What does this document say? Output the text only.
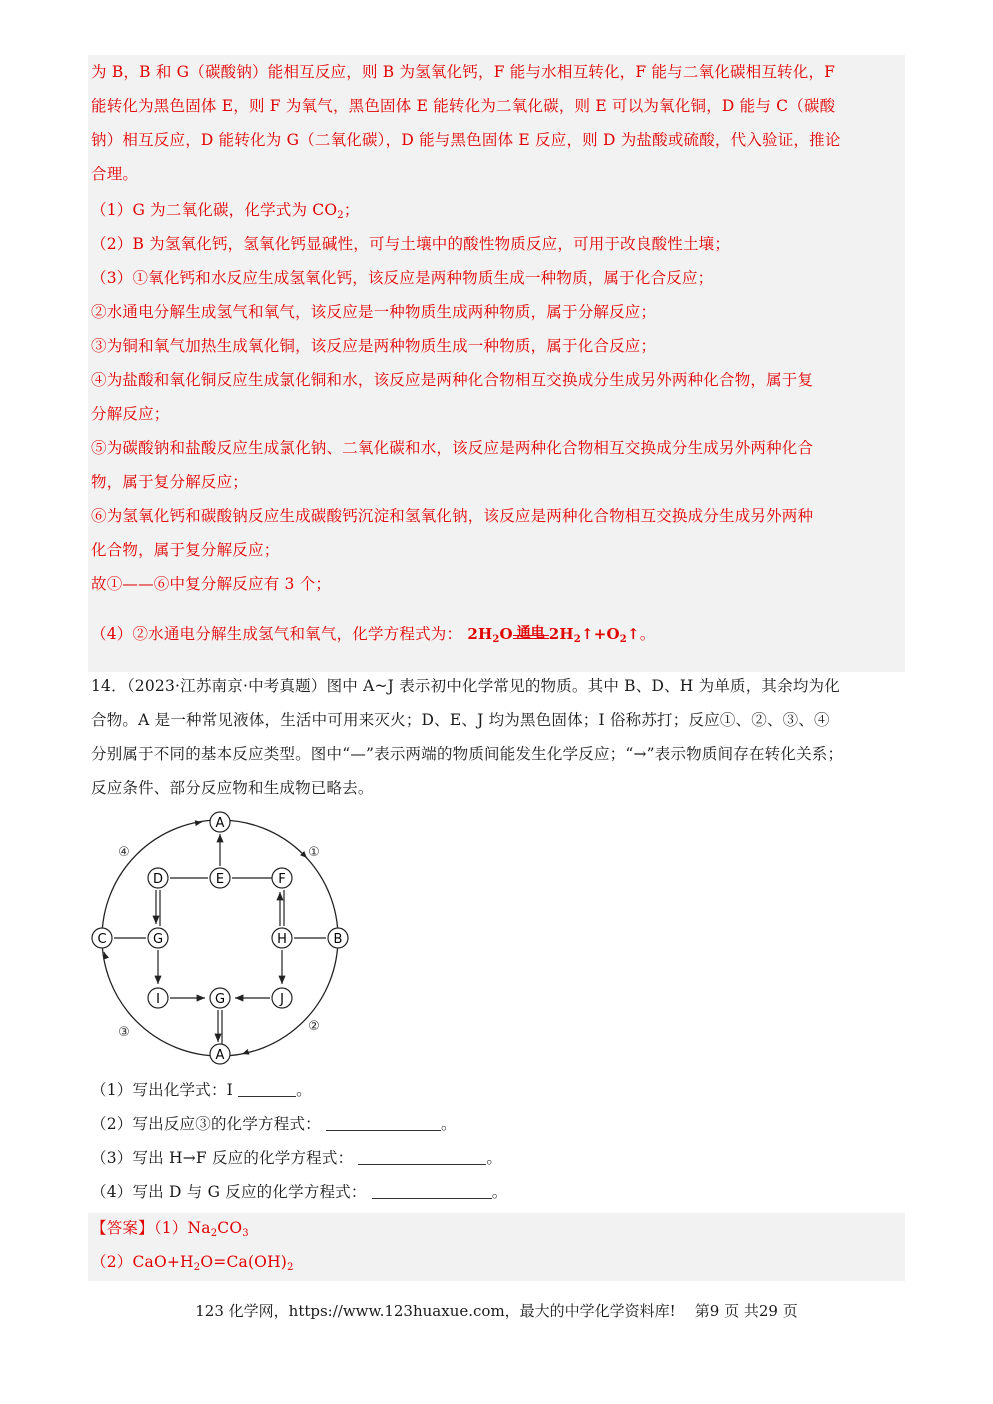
为 B，B 和 G（碳酸钠）能相互反应，则 B 为氢氧化钙，F 能与水相互转化，F 能与二氧化碳相互转化，F
能转化为黑色固体 E，则 F 为氧气，黑色固体 E 能转化为二氧化碳，则 E 可以为氧化铜，D 能与 C（碳酸
钠）相互反应，D 能转化为 G（二氧化碳），D 能与黑色固体 E 反应，则 D 为盐酸或硫酸，代入验证，推论
合理。
（1）G 为二氧化碳，化学式为 $CO_2$；
（2）B 为氢氧化钙，氢氧化钙显碱性，可与土壤中的酸性物质反应，可用于改良酸性土壤；
（3）①氧化钙和水反应生成氢氧化钙，该反应是两种物质生成一种物质，属于化合反应；
②水通电分解生成氢气和氧气，该反应是一种物质生成两种物质，属于分解反应；
③为铜和氧气加热生成氧化铜，该反应是两种物质生成一种物质，属于化合反应；
④为盐酸和氧化铜反应生成氯化铜和水，该反应是两种化合物相互交换成分生成另外两种化合物，属于复
分解反应；
⑤为碳酸钠和盐酸反应生成氯化钠、二氧化碳和水，该反应是两种化合物相互交换成分生成另外两种化合
物，属于复分解反应；
⑥为氢氧化钙和碳酸钠反应生成碳酸钙沉淀和氢氧化钠，该反应是两种化合物相互交换成分生成另外两种
化合物，属于复分解反应；
故①——⑥中复分解反应有 3 个；
（4）②水通电分解生成氢气和氧气，化学方程式为： $2H_2O$ 通电 $2H_2↑+O_2↑$。
14．（2023·江苏南京·中考真题）图中 A~J 表示初中化学常见的物质。其中 B、D、H 为单质，其余均为化
合物。A 是一种常见液体，生活中可用来灭火；D、E、J 均为黑色固体；I 俗称苏打；反应①、②、③、④
分别属于不同的基本反应类型。图中“—”表示两端的物质间能发生化学反应；“→”表示物质间存在转化关系；
反应条件、部分反应物和生成物已略去。
A
D	E	F
C	G	H	B
I	G	J
A
①
②
③
④
（1）写出化学式：I	。
（2）写出反应③的化学方程式：	。
（3）写出 H→F 反应的化学方程式：	。
（4）写出 D 与 G 反应的化学方程式：	。
【答案】$(1)Na_2CO_3$
$(2)CaO+H_2O=Ca(OH)_2$
123 化学网，https://www.123huaxue.com，最大的中学化学资料库! 第9 页 共29 页
